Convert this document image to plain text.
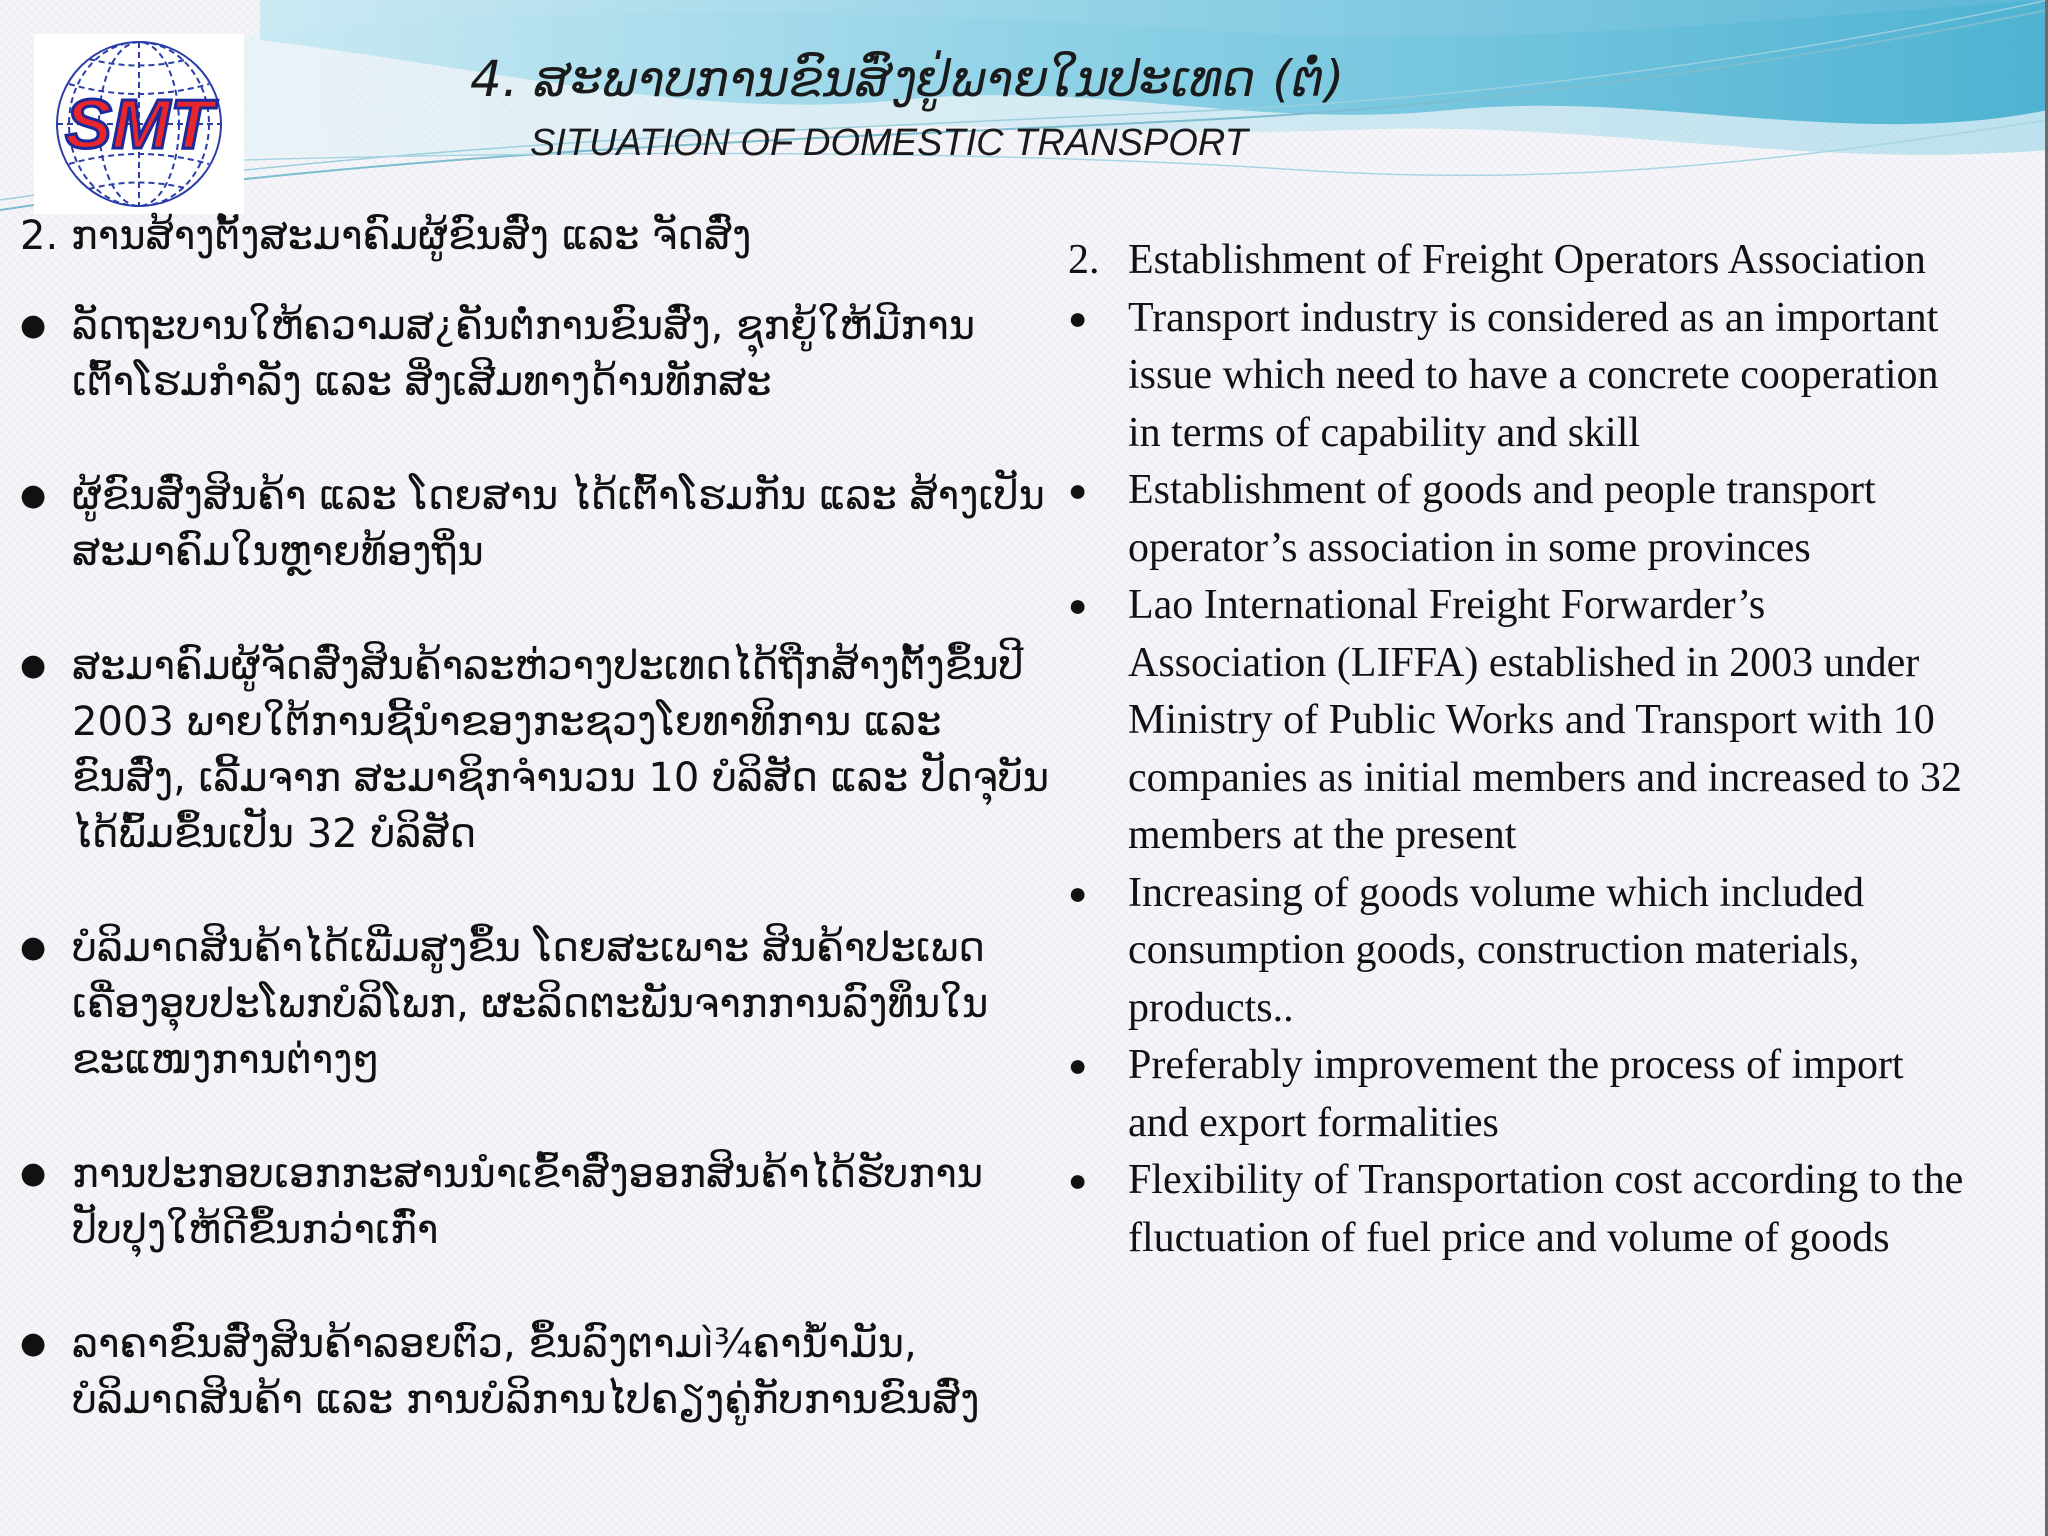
SMT
4. ສະພາບການຂົນສົ່ງຢູ່ພາຍໃນປະເທດ (ຕໍ່)
SITUATION OF DOMESTIC TRANSPORT
2. ການສ້າງຕັ້ງສະມາຄົມຜູ້ຂົນສົ່ງ ແລະ ຈັດສົ່ງ
● ລັດຖະບານໃຫ້ຄວາມສ¿ຄັນຕໍ່ການຂົນສົ່ງ, ຊຸກຍູ້ໃຫ້ມີການເຕົ້າໂຮມກຳລັງ ແລະ ສິ່ງເສີມທາງດ້ານທັກສະ
● ຜູ້ຂົນສົ່ງສິນຄ້າ ແລະ ໂດຍສານ ໄດ້ເຕົ້າໂຮມກັນ ແລະ ສ້າງເປັນສະມາຄົມໃນຫຼາຍທ້ອງຖິ່ນ
● ສະມາຄົມຜູ້ຈັດສົ່ງສິນຄ້າລະຫ່ວາງປະເທດໄດ້ຖືກສ້າງຕັ້ງຂຶ້ນປີ 2003 ພາຍໃຕ້ການຊີ້ນຳຂອງກະຊວງໂຍທາທິການ ແລະ ຂົນສົ່ງ, ເລີ້ມຈາກ ສະມາຊິກຈຳນວນ 10 ບໍລິສັດ ແລະ ປັດຈຸບັນໄດ້ພົ້ມຂຶ້ນເປັນ 32 ບໍລິສັດ
● ບໍລິມາດສິນຄ້າໄດ້ເພີ່ມສູງຂຶ້ນ ໂດຍສະເພາະ ສິນຄ້າປະເພດເຄື່ອງອຸບປະໂພກບໍລິໂພກ, ຜະລິດຕະພັນຈາກການລົງທຶນໃນຂະແໜງການຕ່າງໆ
● ການປະກອບເອກກະສານນຳເຂົ້າສົ່ງອອກສິນຄ້າໄດ້ຮັບການປັບປຸງໃຫ້ດີຂຶ້ນກວ່າເກົ່າ
● ລາຄາຂົນສົ່ງສິນຄ້າລອຍຕົວ, ຂຶ້ນລົງຕາມì¾ຄານ້ຳມັນ, ບໍລິມາດສິນຄ້າ ແລະ ການບໍລິການໄປຄຽງຄູ່ກັບການຂົນສົ່ງ
2. Establishment of Freight Operators Association
● Transport industry is considered as an important issue which need to have a concrete cooperation in terms of capability and skill
● Establishment of goods and people transport operator’s association in some provinces
● Lao International Freight Forwarder’s Association (LIFFA) established in 2003 under Ministry of Public Works and Transport with 10 companies as initial members and increased to 32 members at the present
● Increasing of goods volume which included consumption goods, construction materials, products..
● Preferably improvement the process of import and export formalities
● Flexibility of Transportation cost according to the fluctuation of fuel price and volume of goods
